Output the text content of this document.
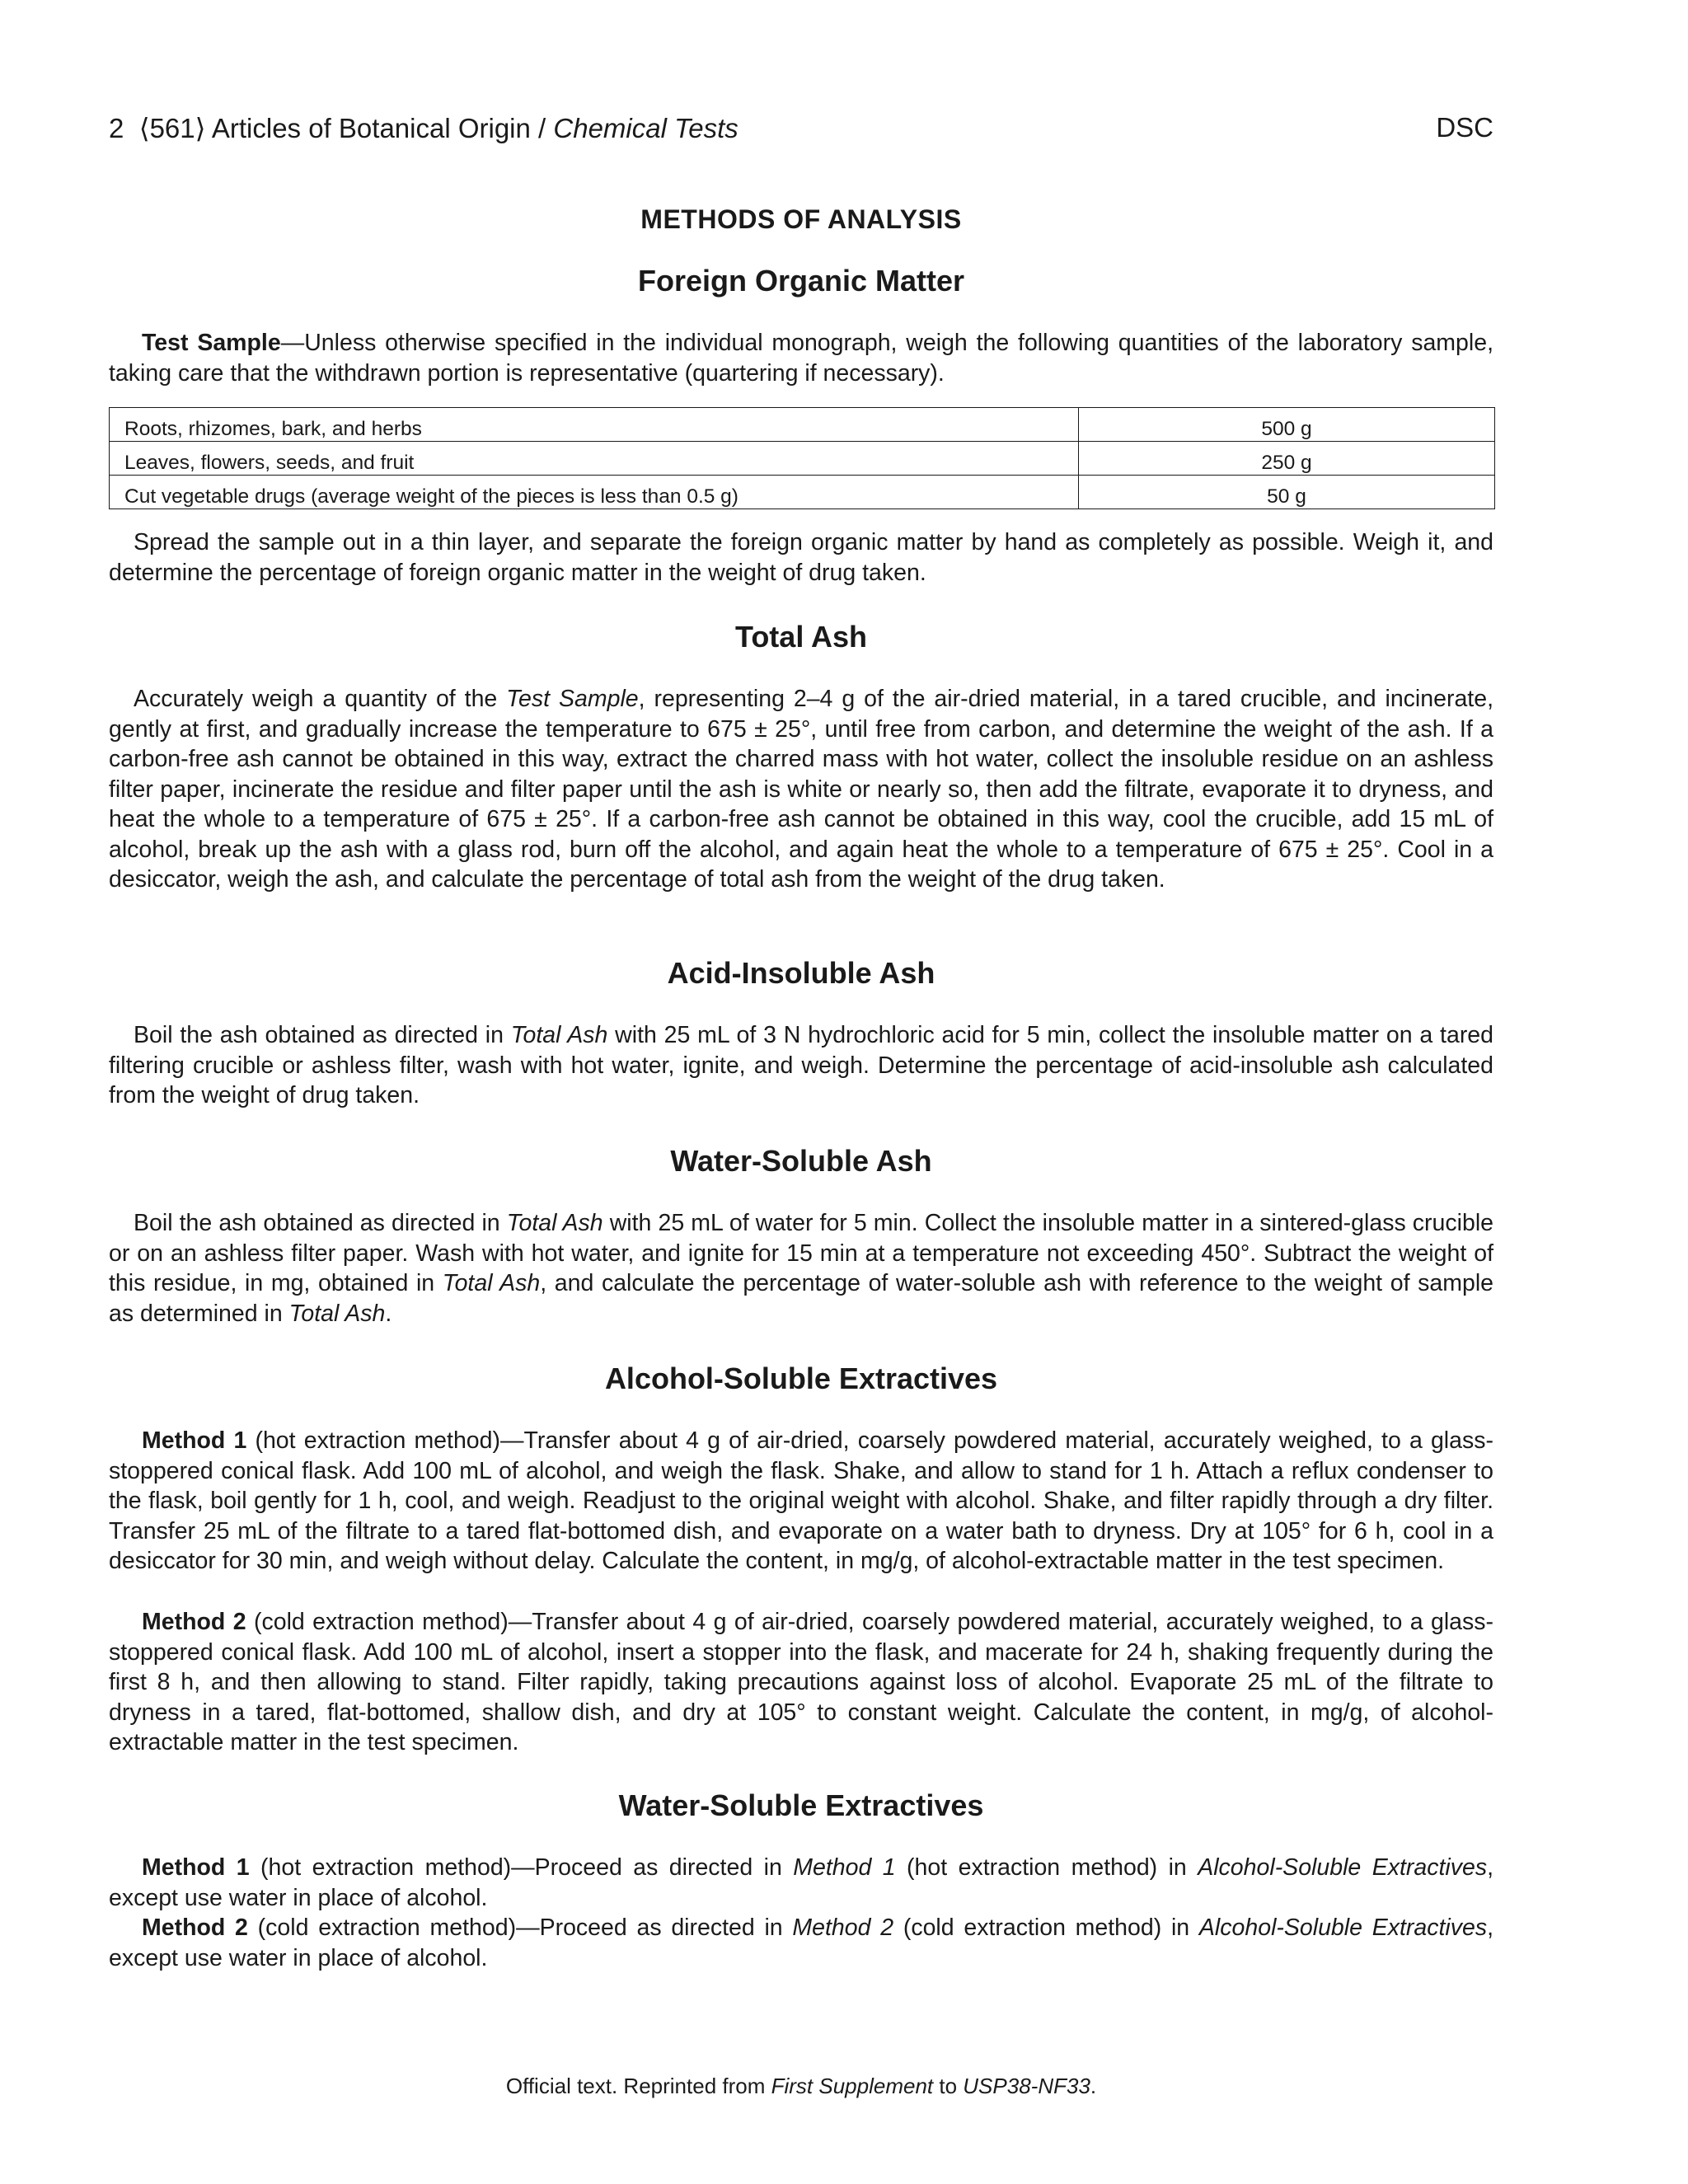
2 ⟨561⟩ Articles of Botanical Origin / Chemical Tests	DSC
METHODS OF ANALYSIS
Foreign Organic Matter

Test Sample—Unless otherwise specified in the individual monograph, weigh the following quantities of the laboratory sample, taking care that the withdrawn portion is representative (quartering if necessary).

Roots, rhizomes, bark, and herbs	500 g
Leaves, flowers, seeds, and fruit	250 g
Cut vegetable drugs (average weight of the pieces is less than 0.5 g)	50 g

Spread the sample out in a thin layer, and separate the foreign organic matter by hand as completely as possible. Weigh it, and determine the percentage of foreign organic matter in the weight of drug taken.

Total Ash

Accurately weigh a quantity of the Test Sample, representing 2–4 g of the air-dried material, in a tared crucible, and incinerate, gently at first, and gradually increase the temperature to 675 ± 25°, until free from carbon, and determine the weight of the ash. If a carbon-free ash cannot be obtained in this way, extract the charred mass with hot water, collect the insoluble residue on an ashless filter paper, incinerate the residue and filter paper until the ash is white or nearly so, then add the filtrate, evaporate it to dryness, and heat the whole to a temperature of 675 ± 25°. If a carbon-free ash cannot be obtained in this way, cool the crucible, add 15 mL of alcohol, break up the ash with a glass rod, burn off the alcohol, and again heat the whole to a temperature of 675 ± 25°. Cool in a desiccator, weigh the ash, and calculate the percentage of total ash from the weight of the drug taken.

Acid-Insoluble Ash

Boil the ash obtained as directed in Total Ash with 25 mL of 3 N hydrochloric acid for 5 min, collect the insoluble matter on a tared filtering crucible or ashless filter, wash with hot water, ignite, and weigh. Determine the percentage of acid-insoluble ash calculated from the weight of drug taken.

Water-Soluble Ash

Boil the ash obtained as directed in Total Ash with 25 mL of water for 5 min. Collect the insoluble matter in a sintered-glass crucible or on an ashless filter paper. Wash with hot water, and ignite for 15 min at a temperature not exceeding 450°. Subtract the weight of this residue, in mg, obtained in Total Ash, and calculate the percentage of water-soluble ash with reference to the weight of sample as determined in Total Ash.

Alcohol-Soluble Extractives

Method 1 (hot extraction method)—Transfer about 4 g of air-dried, coarsely powdered material, accurately weighed, to a glass-stoppered conical flask. Add 100 mL of alcohol, and weigh the flask. Shake, and allow to stand for 1 h. Attach a reflux condenser to the flask, boil gently for 1 h, cool, and weigh. Readjust to the original weight with alcohol. Shake, and filter rapidly through a dry filter. Transfer 25 mL of the filtrate to a tared flat-bottomed dish, and evaporate on a water bath to dryness. Dry at 105° for 6 h, cool in a desiccator for 30 min, and weigh without delay. Calculate the content, in mg/g, of alcohol-extractable matter in the test specimen.

Method 2 (cold extraction method)—Transfer about 4 g of air-dried, coarsely powdered material, accurately weighed, to a glass-stoppered conical flask. Add 100 mL of alcohol, insert a stopper into the flask, and macerate for 24 h, shaking frequently during the first 8 h, and then allowing to stand. Filter rapidly, taking precautions against loss of alcohol. Evaporate 25 mL of the filtrate to dryness in a tared, flat-bottomed, shallow dish, and dry at 105° to constant weight. Calculate the content, in mg/g, of alcohol-extractable matter in the test specimen.

Water-Soluble Extractives

Method 1 (hot extraction method)—Proceed as directed in Method 1 (hot extraction method) in Alcohol-Soluble Extractives, except use water in place of alcohol.

Method 2 (cold extraction method)—Proceed as directed in Method 2 (cold extraction method) in Alcohol-Soluble Extractives, except use water in place of alcohol.

Official text. Reprinted from First Supplement to USP38-NF33.
